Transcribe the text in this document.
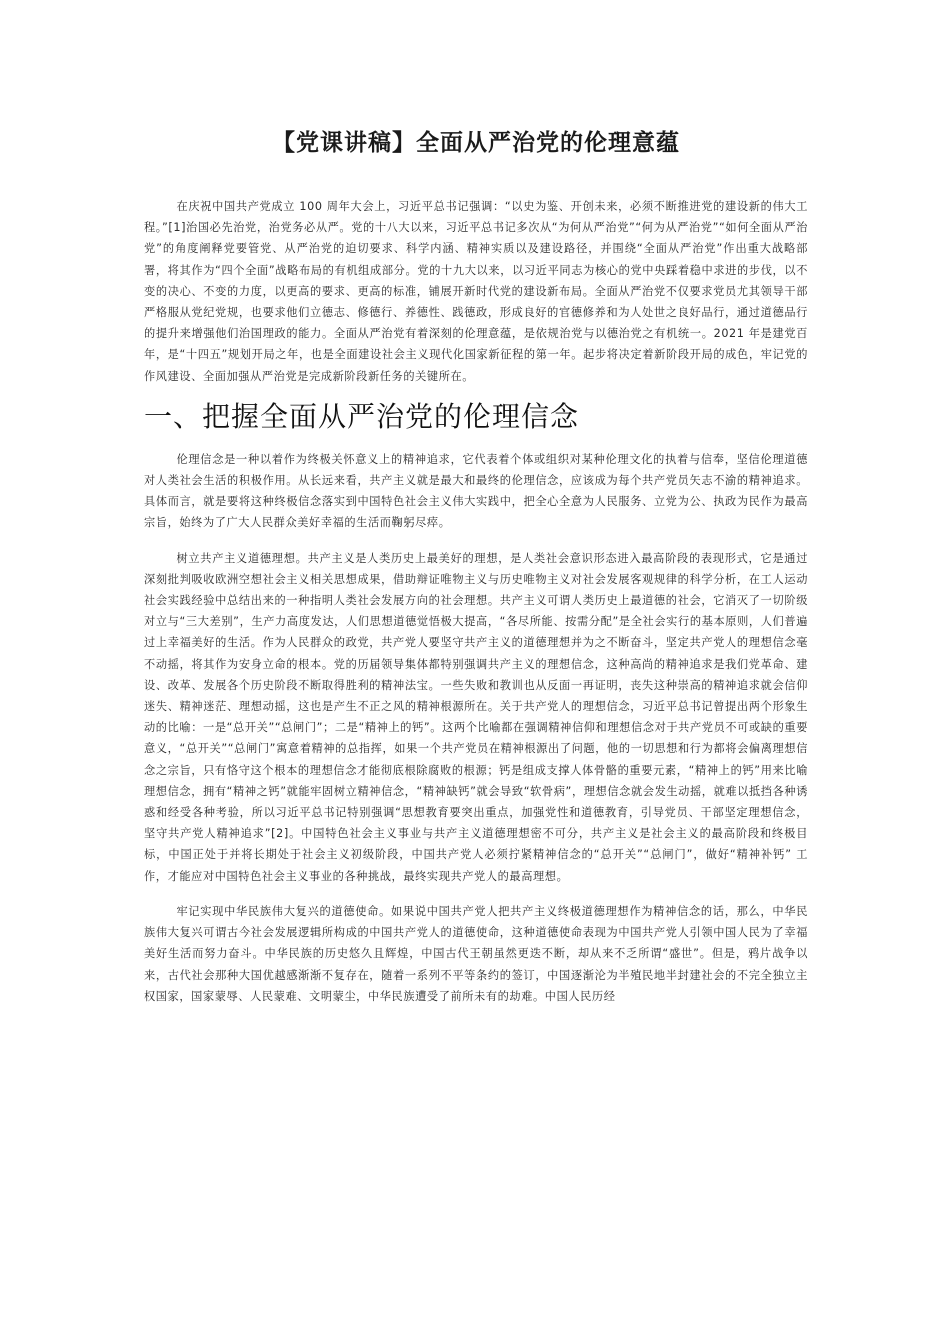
【党课讲稿】全面从严治党的伦理意蕴

在庆祝中国共产党成立 100 周年大会上，习近平总书记强调：“以史为鉴、开创未来，必须不断推进党的建设新的伟大工程。”[1]治国必先治党，治党务必从严。党的十八大以来，习近平总书记多次从“为何从严治党”“何为从严治党”“如何全面从严治党”的角度阐释党要管党、从严治党的迫切要求、科学内涵、精神实质以及建设路径，并围绕“全面从严治党”作出重大战略部署，将其作为“四个全面”战略布局的有机组成部分。党的十九大以来，以习近平同志为核心的党中央踩着稳中求进的步伐，以不变的决心、不变的力度，以更高的要求、更高的标准，铺展开新时代党的建设新布局。全面从严治党不仅要求党员尤其领导干部严格服从党纪党规，也要求他们立德志、修德行、养德性、践德政，形成良好的官德修养和为人处世之良好品行，通过道德品行的提升来增强他们治国理政的能力。全面从严治党有着深刻的伦理意蕴，是依规治党与以德治党之有机统一。2021 年是建党百年，是“十四五”规划开局之年，也是全面建设社会主义现代化国家新征程的第一年。起步将决定着新阶段开局的成色，牢记党的作风建设、全面加强从严治党是完成新阶段新任务的关键所在。

一、把握全面从严治党的伦理信念

伦理信念是一种以着作为终极关怀意义上的精神追求，它代表着个体或组织对某种伦理文化的执着与信奉，坚信伦理道德对人类社会生活的积极作用。从长远来看，共产主义就是最大和最终的伦理信念，应该成为每个共产党员矢志不渝的精神追求。具体而言，就是要将这种终极信念落实到中国特色社会主义伟大实践中，把全心全意为人民服务、立党为公、执政为民作为最高宗旨，始终为了广大人民群众美好幸福的生活而鞠躬尽瘁。

树立共产主义道德理想。共产主义是人类历史上最美好的理想，是人类社会意识形态进入最高阶段的表现形式，它是通过深刻批判吸收欧洲空想社会主义相关思想成果，借助辩证唯物主义与历史唯物主义对社会发展客观规律的科学分析，在工人运动社会实践经验中总结出来的一种指明人类社会发展方向的社会理想。共产主义可谓人类历史上最道德的社会，它消灭了一切阶级对立与“三大差别”，生产力高度发达，人们思想道德觉悟极大提高，“各尽所能、按需分配”是全社会实行的基本原则，人们普遍过上幸福美好的生活。作为人民群众的政党，共产党人要坚守共产主义的道德理想并为之不断奋斗，坚定共产党人的理想信念毫不动摇，将其作为安身立命的根本。党的历届领导集体都特别强调共产主义的理想信念，这种高尚的精神追求是我们党革命、建设、改革、发展各个历史阶段不断取得胜利的精神法宝。一些失败和教训也从反面一再证明，丧失这种崇高的精神追求就会信仰迷失、精神迷茫、理想动摇，这也是产生不正之风的精神根源所在。关于共产党人的理想信念，习近平总书记曾提出两个形象生动的比喻：一是“总开关”“总闸门”；二是“精神上的钙”。这两个比喻都在强调精神信仰和理想信念对于共产党员不可或缺的重要意义，“总开关”“总闸门”寓意着精神的总指挥，如果一个共产党员在精神根源出了问题，他的一切思想和行为都将会偏离理想信念之宗旨，只有恪守这个根本的理想信念才能彻底根除腐败的根源；钙是组成支撑人体骨骼的重要元素，“精神上的钙”用来比喻理想信念，拥有“精神之钙”就能牢固树立精神信念，“精神缺钙”就会导致“软骨病”，理想信念就会发生动摇，就难以抵挡各种诱惑和经受各种考验，所以习近平总书记特别强调“思想教育要突出重点，加强党性和道德教育，引导党员、干部坚定理想信念，坚守共产党人精神追求”[2]。中国特色社会主义事业与共产主义道德理想密不可分，共产主义是社会主义的最高阶段和终极目标，中国正处于并将长期处于社会主义初级阶段，中国共产党人必须拧紧精神信念的“总开关”“总闸门”，做好“精神补钙” 工作，才能应对中国特色社会主义事业的各种挑战，最终实现共产党人的最高理想。

牢记实现中华民族伟大复兴的道德使命。如果说中国共产党人把共产主义终极道德理想作为精神信念的话，那么，中华民族伟大复兴可谓古今社会发展逻辑所构成的中国共产党人的道德使命，这种道德使命表现为中国共产党人引领中国人民为了幸福美好生活而努力奋斗。中华民族的历史悠久且辉煌，中国古代王朝虽然更迭不断，却从来不乏所谓“盛世”。但是，鸦片战争以来，古代社会那种大国优越感渐渐不复存在，随着一系列不平等条约的签订，中国逐渐沦为半殖民地半封建社会的不完全独立主权国家，国家蒙辱、人民蒙难、文明蒙尘，中华民族遭受了前所未有的劫难。中国人民历经
